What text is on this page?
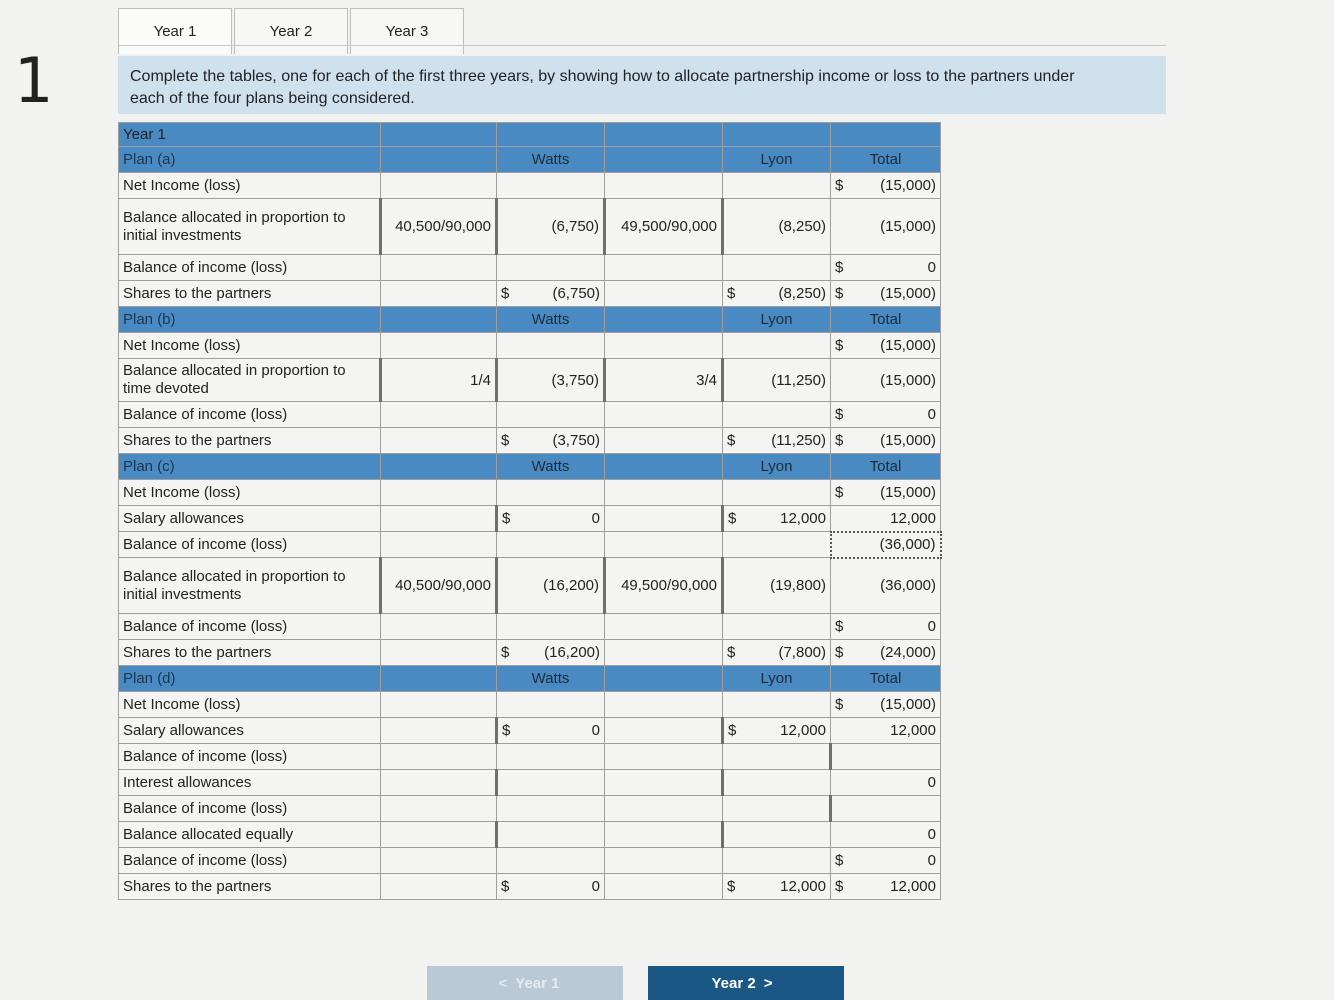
1
Year 1	Year 2	Year 3
Complete the tables, one for each of the first three years, by showing how to allocate partnership income or loss to the partners under each of the four plans being considered.
Year 1					
Plan (a)		Watts		Lyon	Total
Net Income (loss)					$ (15,000)

Balance allocated in proportion to initial investments	40,500/90,000	(6,750)	49,500/90,000	(8,250)	(15,000)
Balance of income (loss)					$ 0

Shares to the partners		$ (6,750)		$ (8,250)	$ (15,000)

Plan (b)		Watts		Lyon	Total
Net Income (loss)					$ (15,000)

Balance allocated in proportion to time devoted	1/4	(3,750)	3/4	(11,250)	(15,000)
Balance of income (loss)					$ 0

Shares to the partners		$ (3,750)		$ (11,250)	$ (15,000)

Plan (c)		Watts		Lyon	Total
Net Income (loss)					$ (15,000)

Salary allowances		$ 0		$ 12,000	12,000
Balance of income (loss)					(36,000)
Balance allocated in proportion to initial investments	40,500/90,000	(16,200)	49,500/90,000	(19,800)	(36,000)
Balance of income (loss)					$ 0

Shares to the partners		$ (16,200)		$ (7,800)	$ (24,000)

Plan (d)		Watts		Lyon	Total
Net Income (loss)					$ (15,000)

Salary allowances		$ 0		$ 12,000	12,000
Balance of income (loss)					
Interest allowances					0
Balance of income (loss)					
Balance allocated equally					0
Balance of income (loss)					$ 0

Shares to the partners		$ 0		$ 12,000	$ 12,000
< Year 1	Year 2 >
